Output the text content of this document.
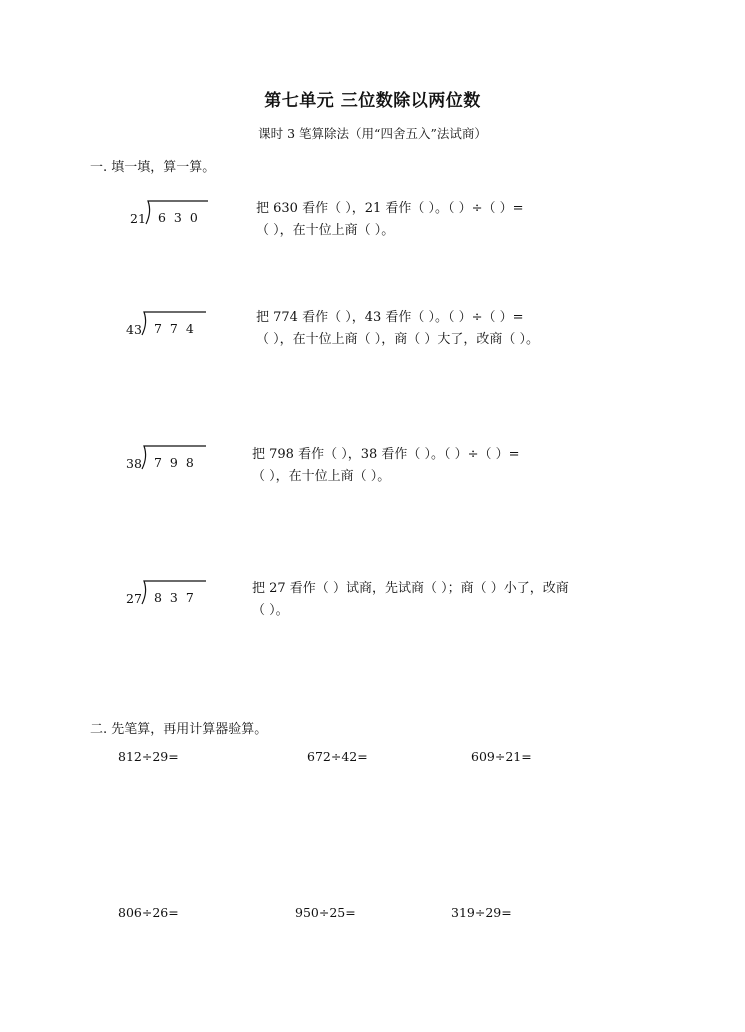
第七单元 三位数除以两位数
课时 3 笔算除法（用“四舍五入”法试商）
一. 填一填，算一算。
21 6 3 0
把 630 看作（ ），21 看作（ ）。（ ）÷（ ）=
（ ），在十位上商（ ）。
43 7 7 4
把 774 看作（ ），43 看作（ ）。（ ）÷（ ）=
（ ），在十位上商（ ），商（ ）大了，改商（ ）。
38 7 9 8
把 798 看作（ ），38 看作（ ）。（ ）÷（ ）=
（ ），在十位上商（ ）。
27 8 3 7
把 27 看作（ ）试商，先试商（ ）；商（ ）小了，改商
（ ）。
二. 先笔算，再用计算器验算。
812÷29=	672÷42=	609÷21=
806÷26=	950÷25=	319÷29=
